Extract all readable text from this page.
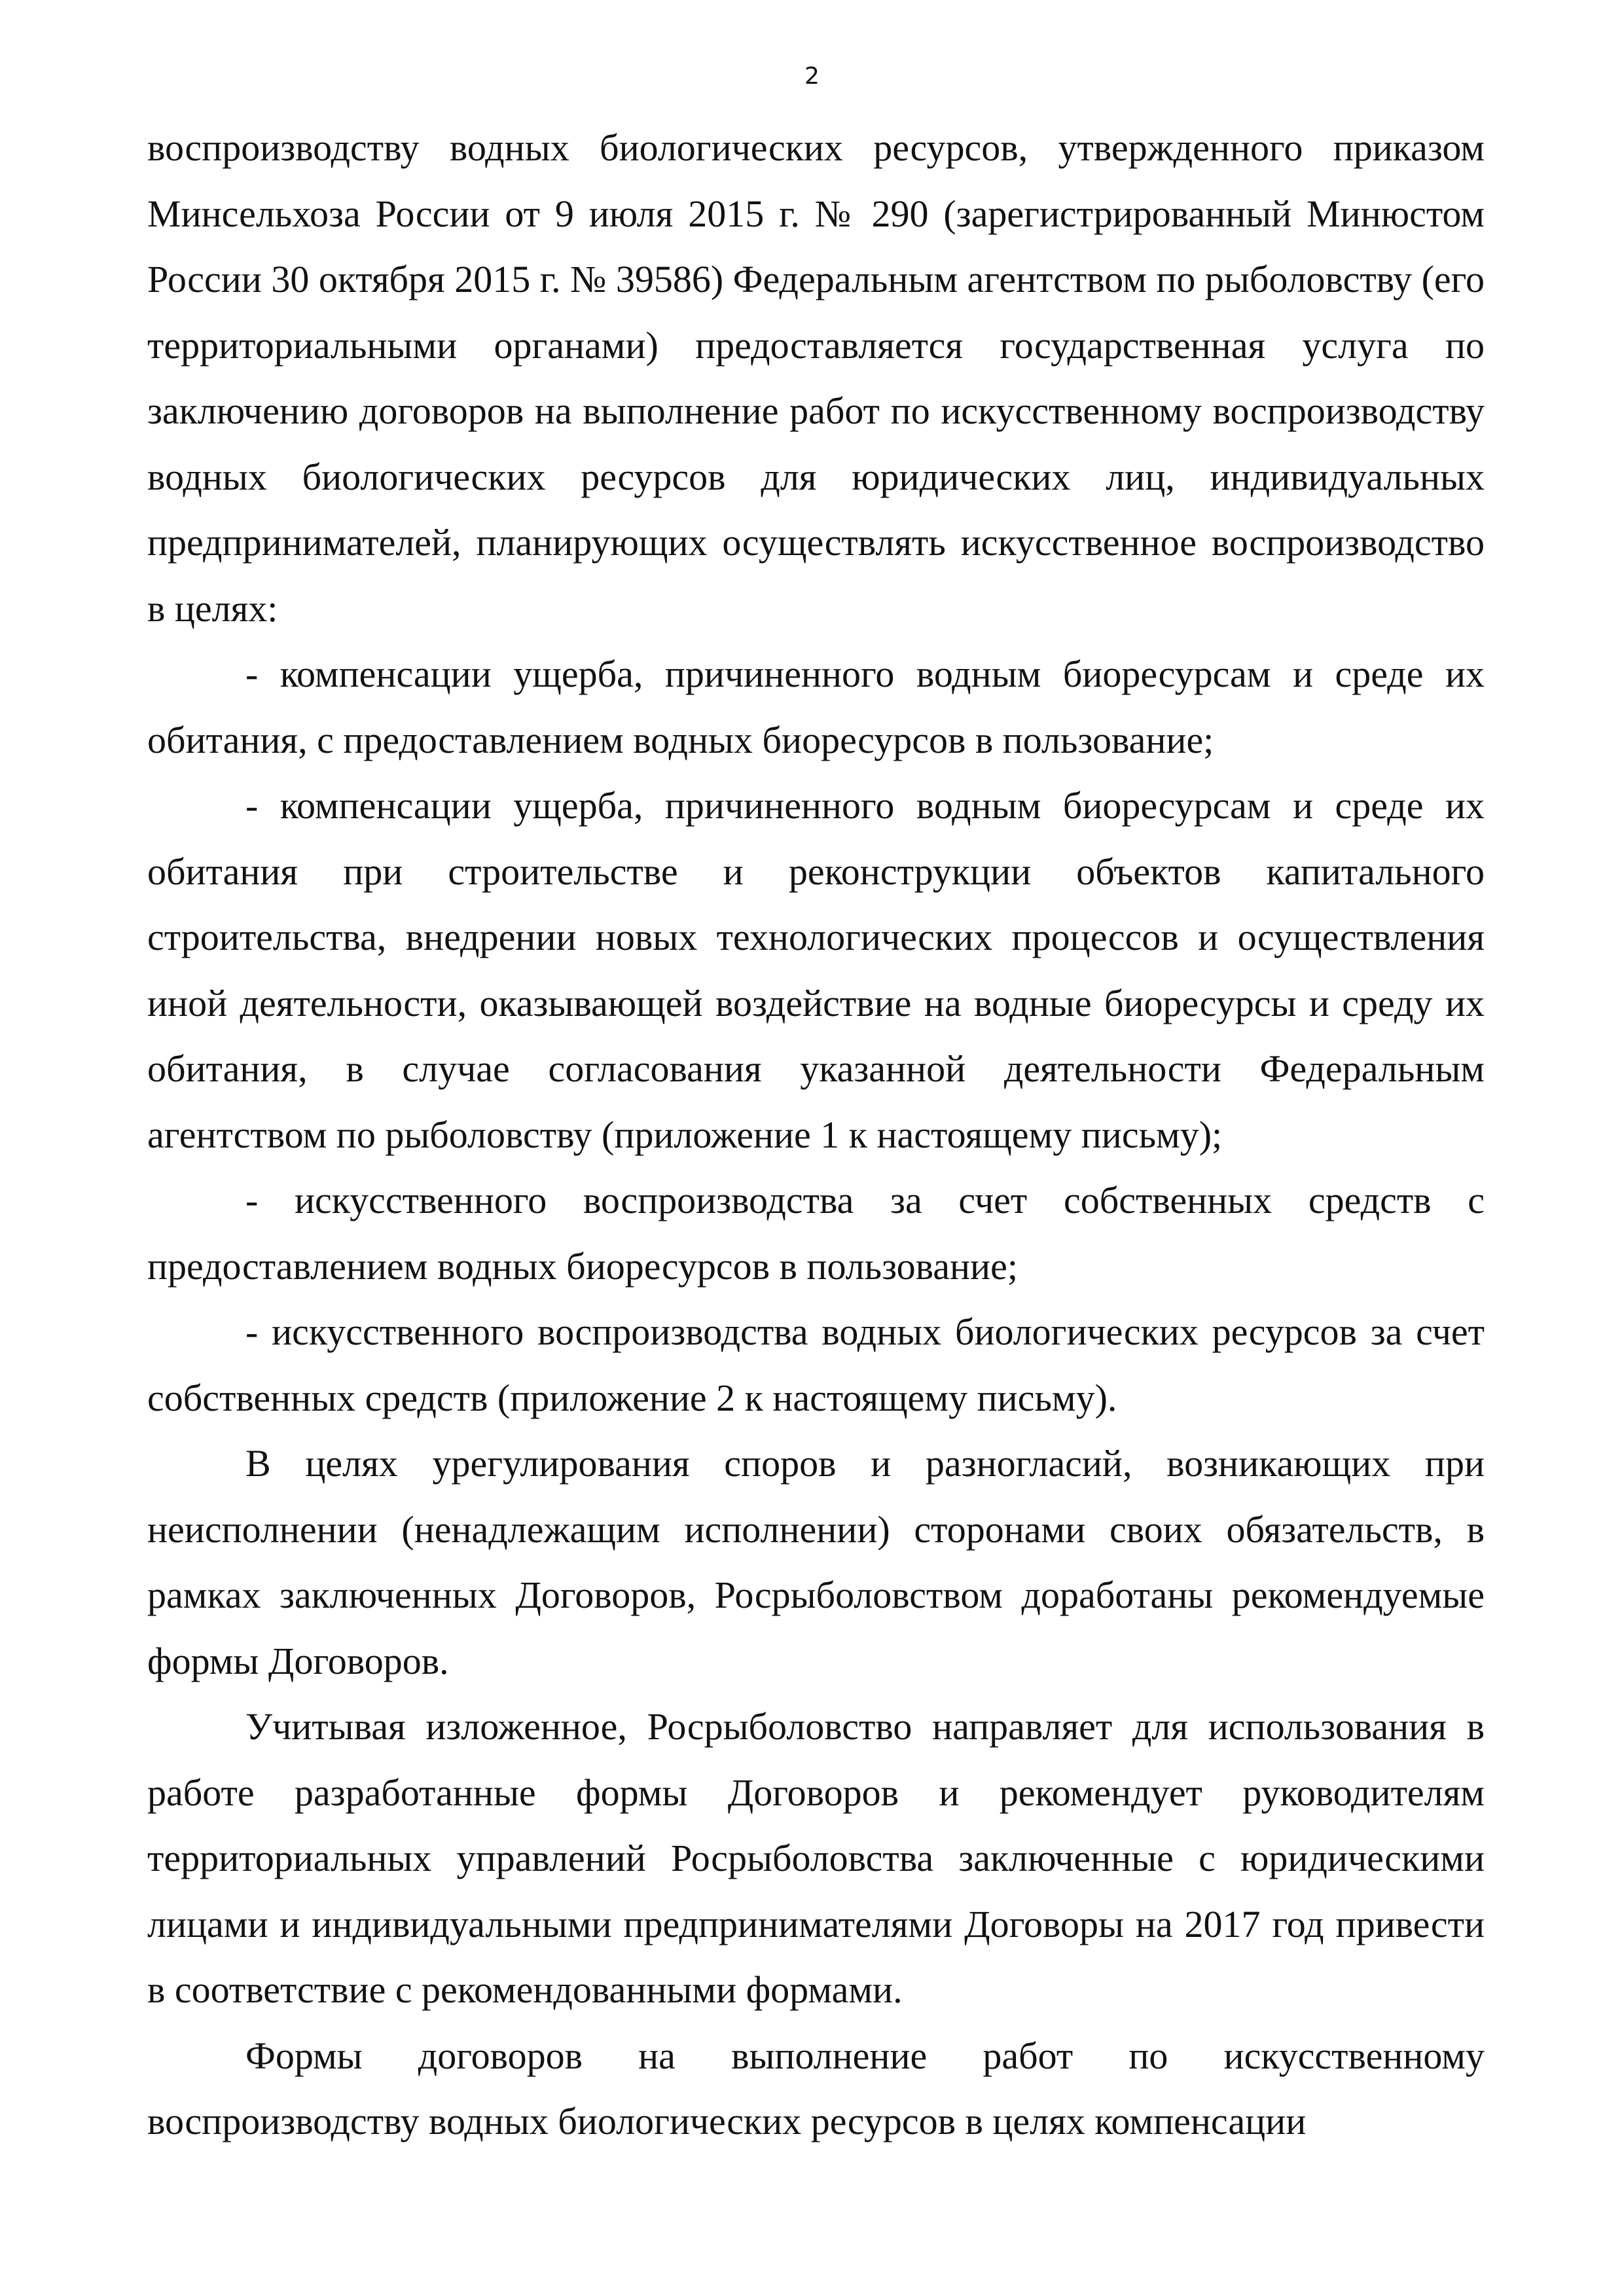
2

воспроизводству водных биологических ресурсов, утвержденного приказом Минсельхоза России от 9 июля 2015 г. № 290 (зарегистрированный Минюстом России 30 октября 2015 г. № 39586) Федеральным агентством по рыболовству (его территориальными органами) предоставляется государственная услуга по заключению договоров на выполнение работ по искусственному воспроизводству водных биологических ресурсов для юридических лиц, индивидуальных предпринимателей, планирующих осуществлять искусственное воспроизводство в целях:

- компенсации ущерба, причиненного водным биоресурсам и среде их обитания, с предоставлением водных биоресурсов в пользование;

- компенсации ущерба, причиненного водным биоресурсам и среде их обитания при строительстве и реконструкции объектов капитального строительства, внедрении новых технологических процессов и осуществления иной деятельности, оказывающей воздействие на водные биоресурсы и среду их обитания, в случае согласования указанной деятельности Федеральным агентством по рыболовству (приложение 1 к настоящему письму);

- искусственного воспроизводства за счет собственных средств с предоставлением водных биоресурсов в пользование;

- искусственного воспроизводства водных биологических ресурсов за счет собственных средств (приложение 2 к настоящему письму).

В целях урегулирования споров и разногласий, возникающих при неисполнении (ненадлежащим исполнении) сторонами своих обязательств, в рамках заключенных Договоров, Росрыболовством доработаны рекомендуемые формы Договоров.

Учитывая изложенное, Росрыболовство направляет для использования в работе разработанные формы Договоров и рекомендует руководителям территориальных управлений Росрыболовства заключенные с юридическими лицами и индивидуальными предпринимателями Договоры на 2017 год привести в соответствие с рекомендованными формами.

Формы договоров на выполнение работ по искусственному воспроизводству водных биологических ресурсов в целях компенсации
